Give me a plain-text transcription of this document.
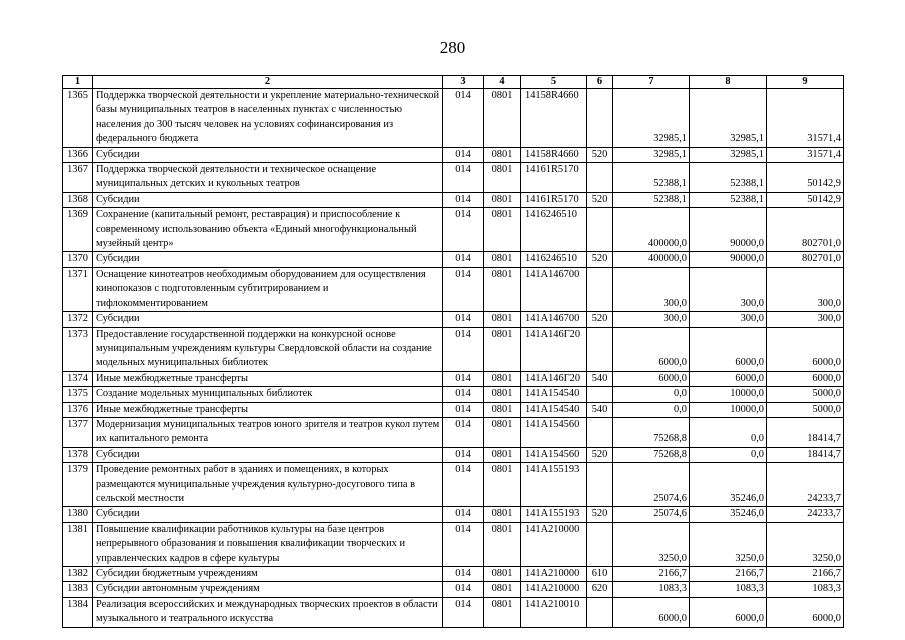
280
1	2	3	4	5	6	7	8	9
1365	Поддержка творческой деятельности и укрепление материально-технической базы муниципальных театров в населенных пунктах с численностью населения до 300 тысяч человек на условиях софинансирования из федерального бюджета	014	0801	14158R4660		32985,1	32985,1	31571,4
1366	Субсидии	014	0801	14158R4660	520	32985,1	32985,1	31571,4
1367	Поддержка творческой деятельности и техническое оснащение муниципальных детских и кукольных театров	014	0801	14161R5170		52388,1	52388,1	50142,9
1368	Субсидии	014	0801	14161R5170	520	52388,1	52388,1	50142,9
1369	Сохранение (капитальный ремонт, реставрация) и приспособление к современному использованию объекта «Единый многофункциональный музейный центр»	014	0801	1416246510		400000,0	90000,0	802701,0
1370	Субсидии	014	0801	1416246510	520	400000,0	90000,0	802701,0
1371	Оснащение кинотеатров необходимым оборудованием для осуществления кинопоказов с подготовленным субтитрированием и тифлокомментированием	014	0801	141A146700		300,0	300,0	300,0
1372	Субсидии	014	0801	141A146700	520	300,0	300,0	300,0
1373	Предоставление государственной поддержки на конкурсной основе муниципальным учреждениям культуры Свердловской области на создание модельных муниципальных библиотек	014	0801	141A146Г20		6000,0	6000,0	6000,0
1374	Иные межбюджетные трансферты	014	0801	141A146Г20	540	6000,0	6000,0	6000,0
1375	Создание модельных муниципальных библиотек	014	0801	141A154540		0,0	10000,0	5000,0
1376	Иные межбюджетные трансферты	014	0801	141A154540	540	0,0	10000,0	5000,0
1377	Модернизация муниципальных театров юного зрителя и театров кукол путем их капитального ремонта	014	0801	141A154560		75268,8	0,0	18414,7
1378	Субсидии	014	0801	141A154560	520	75268,8	0,0	18414,7
1379	Проведение ремонтных работ в зданиях и помещениях, в которых размещаются муниципальные учреждения культурно-досугового типа в сельской местности	014	0801	141A155193		25074,6	35246,0	24233,7
1380	Субсидии	014	0801	141A155193	520	25074,6	35246,0	24233,7
1381	Повышение квалификации работников культуры на базе центров непрерывного образования и повышения квалификации творческих и управленческих кадров в сфере культуры	014	0801	141A210000		3250,0	3250,0	3250,0
1382	Субсидии бюджетным учреждениям	014	0801	141A210000	610	2166,7	2166,7	2166,7
1383	Субсидии автономным учреждениям	014	0801	141A210000	620	1083,3	1083,3	1083,3
1384	Реализация всероссийских и международных творческих проектов в области музыкального и театрального искусства	014	0801	141A210010		6000,0	6000,0	6000,0
